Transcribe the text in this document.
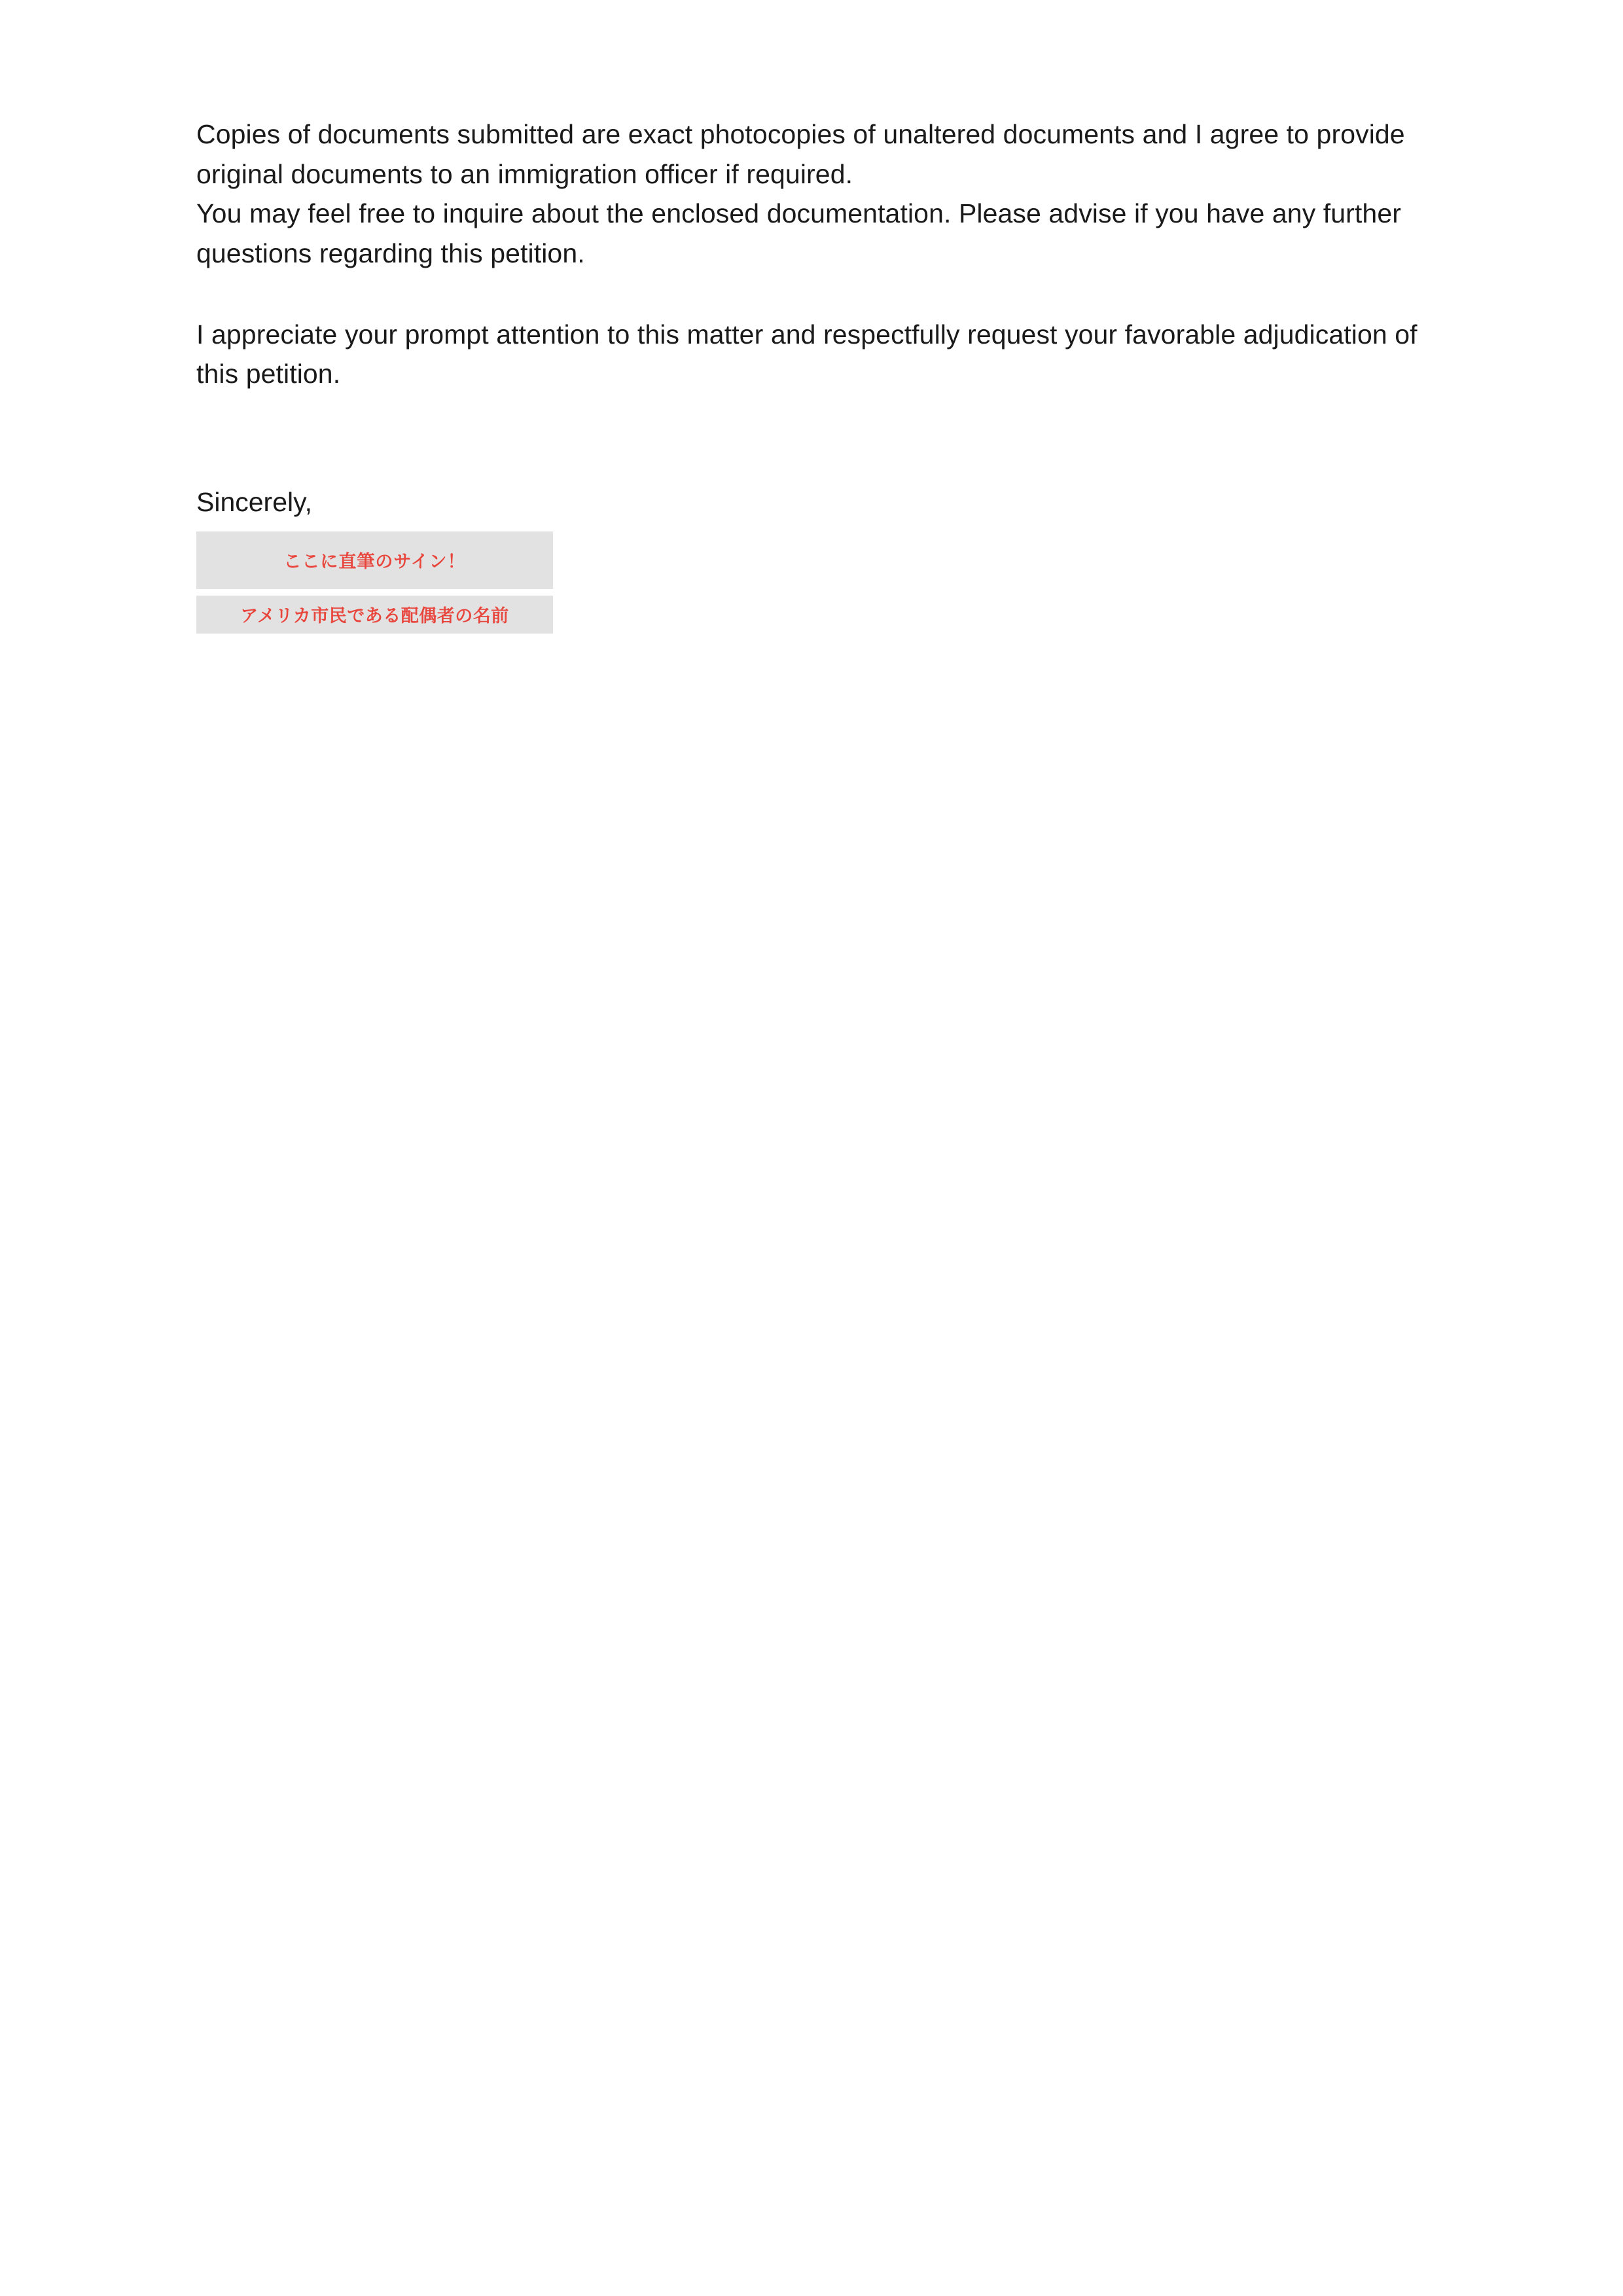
Copies of documents submitted are exact photocopies of unaltered documents and I agree to provide original documents to an immigration officer if required.

You may feel free to inquire about the enclosed documentation. Please advise if you have any further questions regarding this petition.

I appreciate your prompt attention to this matter and respectfully request your favorable adjudication of this petition.

Sincerely,

ここに直筆のサイン！
アメリカ市民である配偶者の名前
